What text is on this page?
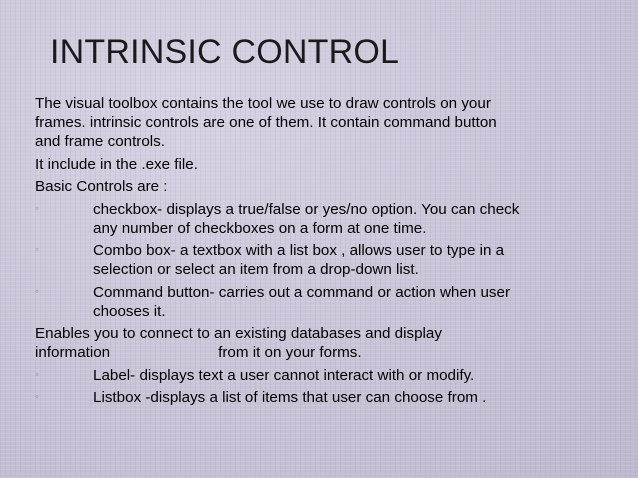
INTRINSIC CONTROL

The visual toolbox contains the tool we use to draw controls on your
frames. intrinsic controls are one of them. It contain command button
and frame controls.

It include in the .exe file.

Basic Controls are :

◦	checkbox- displays a true/false or yes/no option. You can check
any number of checkboxes on a form at one time.
◦	Combo box- a textbox with a list box , allows user to type in a
selection or select an item from a drop-down list.
◦	Command button- carries out a command or action when user
chooses it.

Enables you to connect to an existing databases and display
information	from it on your forms.

◦	Label- displays text a user cannot interact with or modify.
◦	Listbox -displays a list of items that user can choose from .
